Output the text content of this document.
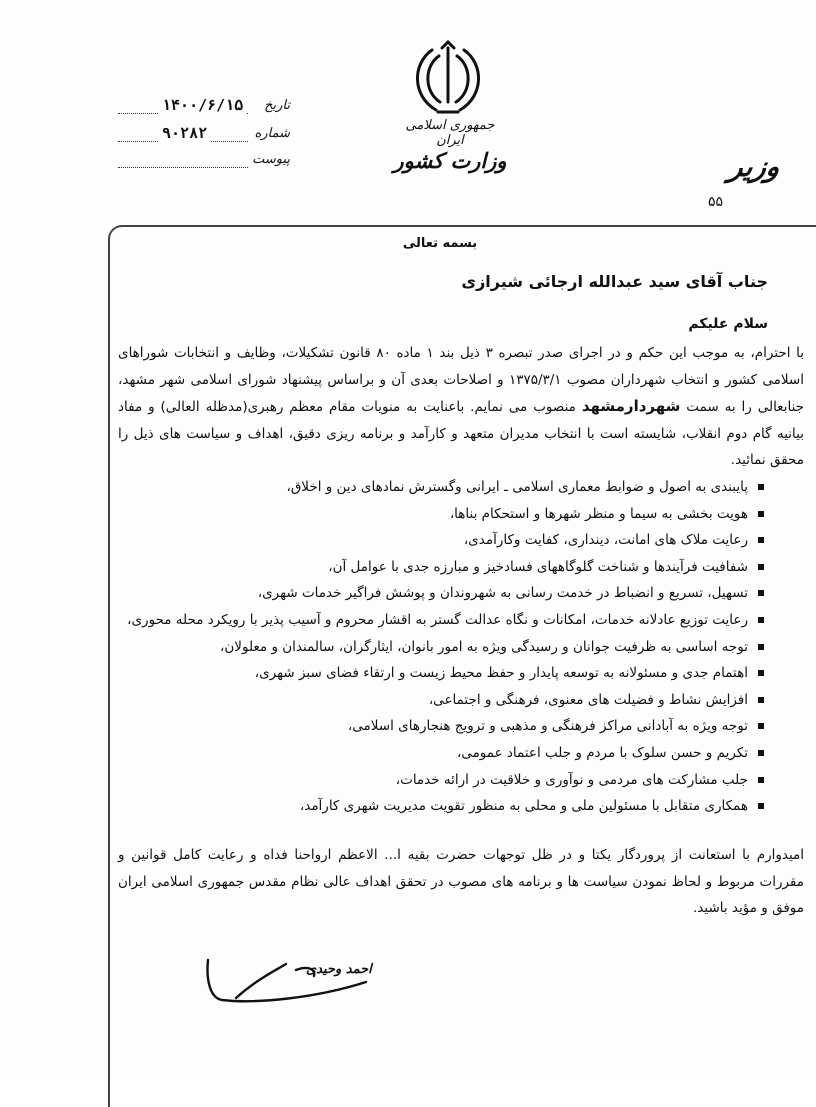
جمهوری اسلامی ایران
وزارت کشور	وزیر
۵۵
۱۴۰۰/۶/۱۵	تاریخ
۹۰۲۸۲	شماره
پیوست
بسمه تعالی
جناب آقای سید عبدالله ارجائی شیرازی
سلام علیکم
با احترام، به موجب این حکم و در اجرای صدر تبصره ۳ ذیل بند ۱ ماده ۸۰ قانون تشکیلات، وظایف و انتخابات شوراهای اسلامی کشور و انتخاب شهرداران مصوب ۱۳۷۵/۳/۱ و اصلاحات بعدی آن و براساس پیشنهاد شورای اسلامی شهر مشهد، جنابعالی را به سمت شهردارمشهد منصوب می نمایم. باعنایت به منویات مقام معظم رهبری(مدظله العالی) و مفاد بیانیه گام دوم انقلاب، شایسته است با انتخاب مدیران متعهد و کارآمد و برنامه ریزی دقیق، اهداف و سیاست های ذیل را محقق نمائید.
پایبندی به اصول و ضوابط معماری اسلامی ـ ایرانی وگسترش نمادهای دین و اخلاق،
هویت بخشی به سیما و منظر شهرها و استحکام بناها،
رعایت ملاک های امانت، دینداری، کفایت وکارآمدی،
شفافیت فرآیندها و شناخت گلوگاههای فسادخیز و مبارزه جدی با عوامل آن،
تسهیل، تسریع و انضباط در خدمت رسانی به شهروندان و پوشش فراگیر خدمات شهری،
رعایت توزیع عادلانه خدمات، امکانات و نگاه عدالت گستر به اقشار محروم و آسیب پذیر با رویکرد محله محوری،
توجه اساسی به ظرفیت جوانان و رسیدگی ویژه به امور بانوان، ایثارگران، سالمندان و معلولان،
اهتمام جدی و مسئولانه به توسعه پایدار و حفظ محیط زیست و ارتقاء فضای سبز شهری،
افزایش نشاط و فضیلت های معنوی، فرهنگی و اجتماعی،
توجه ویژه به آبادانی مراکز فرهنگی و مذهبی و ترویج هنجارهای اسلامی،
تکریم و حسن سلوک با مردم و جلب اعتماد عمومی،
جلب مشارکت های مردمی و نوآوری و خلاقیت در ارائه خدمات،
همکاری متقابل با مسئولین ملی و محلی به منظور تقویت مدیریت شهری کارآمد،
امیدوارم با استعانت از پروردگار یکتا و در ظل توجهات حضرت بقیه ا... الاعظم ارواحنا فداه و رعایت کامل قوانین و مقررات مربوط و لحاظ نمودن سیاست ها و برنامه های مصوب در تحقق اهداف عالی نظام مقدس جمهوری اسلامی ایران موفق و مؤید باشید.
احمد وحیدی
